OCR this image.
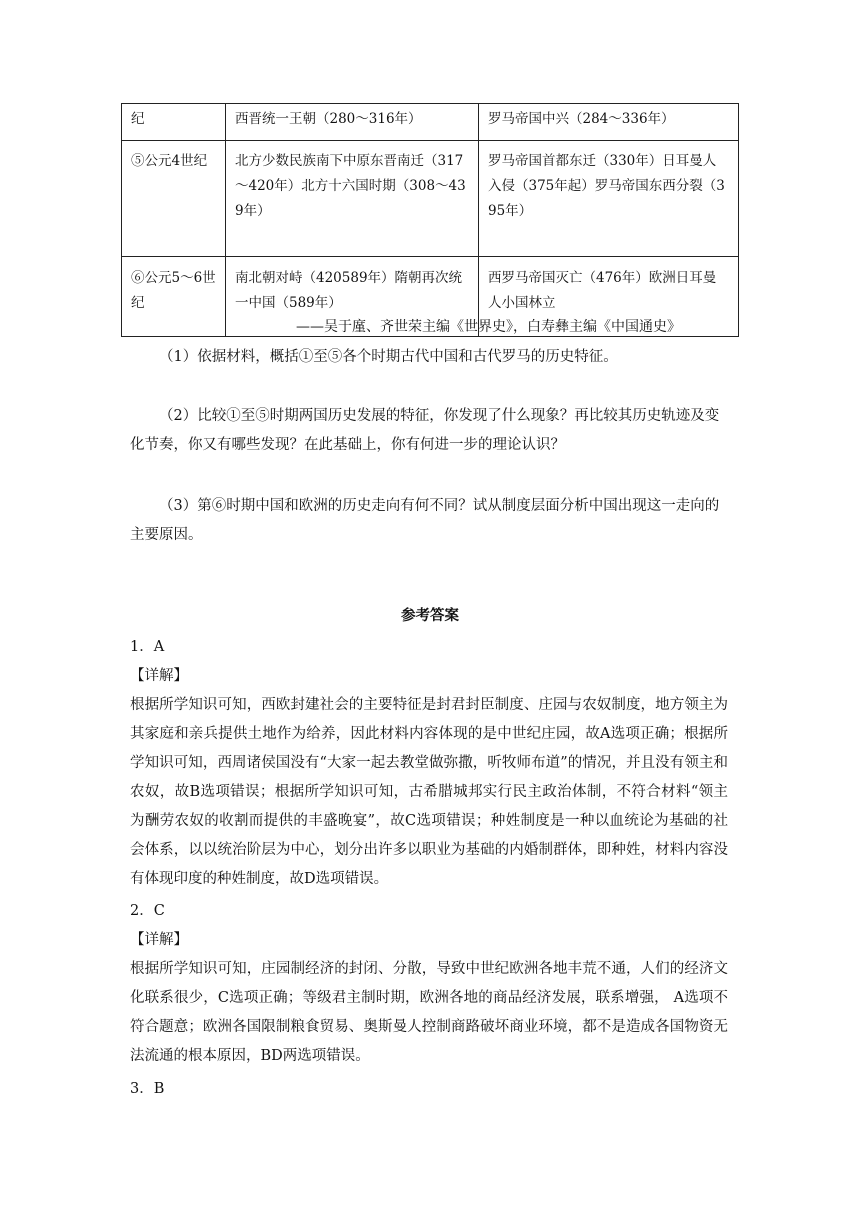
纪	西晋统一王朝（280～316年）	罗马帝国中兴（284～336年）
⑤公元4世纪	北方少数民族南下中原东晋南迁（317～420年）北方十六国时期（308～439年）	罗马帝国首都东迁（330年）日耳曼人入侵（375年起）罗马帝国东西分裂（395年）
⑥公元5～6世纪	南北朝对峙（420589年）隋朝再次统一中国（589年）	西罗马帝国灭亡（476年）欧洲日耳曼人小国林立
——吴于廑、齐世荣主编《世界史》，白寿彝主编《中国通史》
（1）依据材料，概括①至⑤各个时期古代中国和古代罗马的历史特征。
（2）比较①至⑤时期两国历史发展的特征，你发现了什么现象？再比较其历史轨迹及变化节奏，你又有哪些发现？在此基础上，你有何进一步的理论认识？
（3）第⑥时期中国和欧洲的历史走向有何不同？试从制度层面分析中国出现这一走向的主要原因。
参考答案
1．A
【详解】
根据所学知识可知，西欧封建社会的主要特征是封君封臣制度、庄园与农奴制度，地方领主为其家庭和亲兵提供土地作为给养，因此材料内容体现的是中世纪庄园，故A选项正确；根据所学知识可知，西周诸侯国没有“大家一起去教堂做弥撒，听牧师布道”的情况，并且没有领主和农奴，故B选项错误；根据所学知识可知，古希腊城邦实行民主政治体制，不符合材料“领主为酬劳农奴的收割而提供的丰盛晚宴”，故C选项错误；种姓制度是一种以血统论为基础的社会体系，以以统治阶层为中心，划分出许多以职业为基础的内婚制群体，即种姓，材料内容没有体现印度的种姓制度，故D选项错误。
2．C
【详解】
根据所学知识可知，庄园制经济的封闭、分散，导致中世纪欧洲各地丰荒不通，人们的经济文化联系很少，C选项正确；等级君主制时期，欧洲各地的商品经济发展，联系增强， A选项不符合题意；欧洲各国限制粮食贸易、奥斯曼人控制商路破坏商业环境，都不是造成各国物资无法流通的根本原因，BD两选项错误。
3．B
